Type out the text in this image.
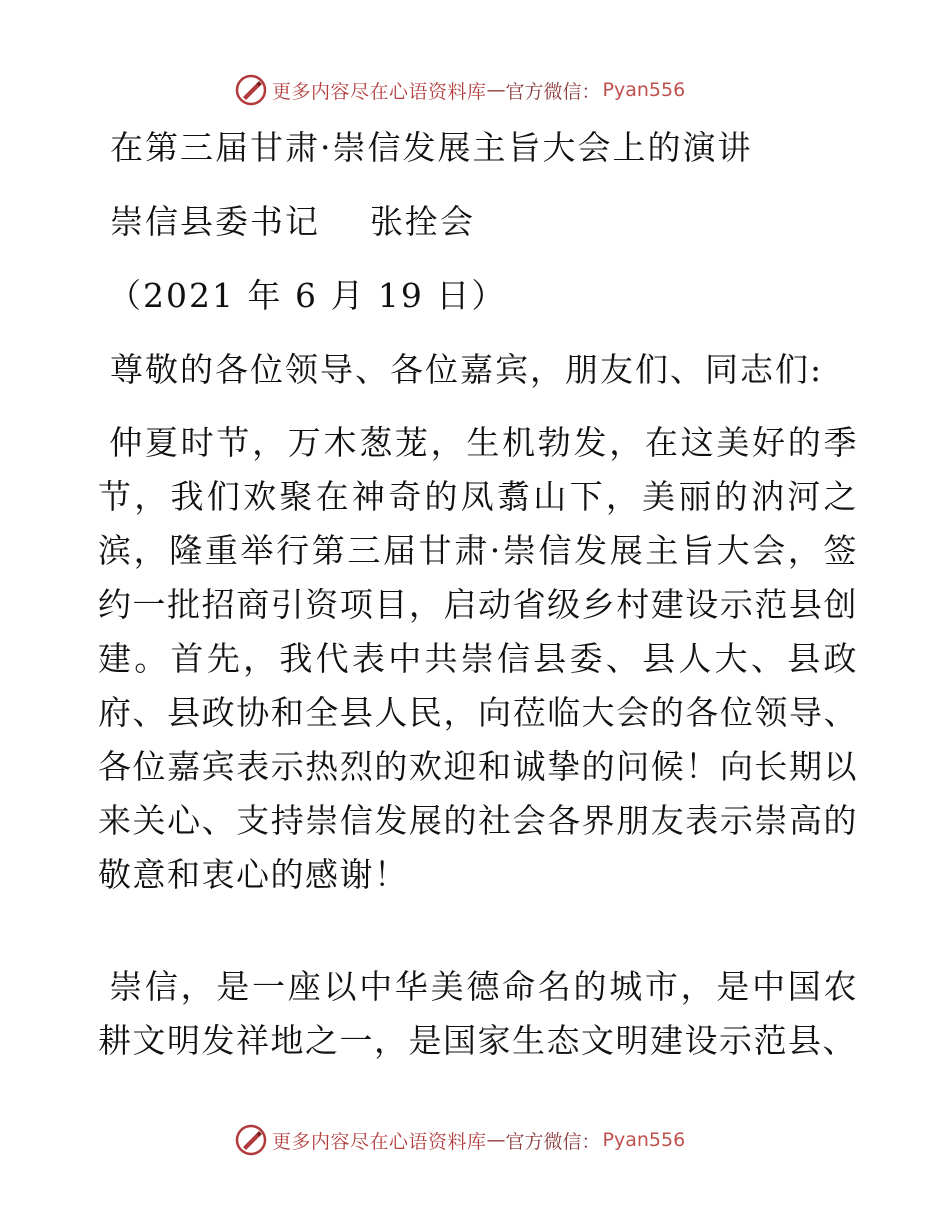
更多内容尽在心语资料库 — 官方微信： Pyan556
在第三届甘肃·崇信发展主旨大会上的演讲
崇信县委书记    张拴会
（2021 年 6 月 19 日）
尊敬的各位领导、各位嘉宾，朋友们、同志们:
仲夏时节，万木葱茏，生机勃发，在这美好的季节，我们欢聚在神奇的凤翥山下，美丽的汭河之滨，隆重举行第三届甘肃·崇信发展主旨大会，签约一批招商引资项目，启动省级乡村建设示范县创建。首先，我代表中共崇信县委、县人大、县政府、县政协和全县人民，向莅临大会的各位领导、各位嘉宾表示热烈的欢迎和诚挚的问候！向长期以来关心、支持崇信发展的社会各界朋友表示崇高的敬意和衷心的感谢！
崇信，是一座以中华美德命名的城市，是中国农耕文明发祥地之一，是国家生态文明建设示范县、
更多内容尽在心语资料库 — 官方微信： Pyan556
